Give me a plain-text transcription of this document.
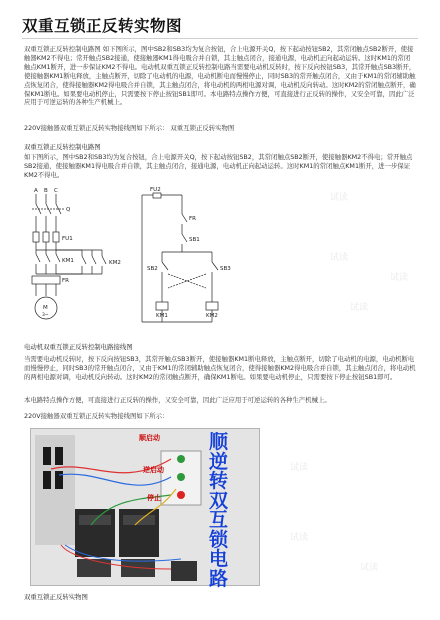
双重互锁正反转实物图

双重互锁正反转控制电路图 如下图所示，图中SB2和SB3均为复合按钮，合上电源开关Q，按下起动按钮SB2，其常闭触点SB2断开，使接触器KM2不得电；常开触点SB2接通，使接触器KM1得电吸合并自锁，其主触点闭合，接通电源，电动机正向起动运转。这时KM1的常闭触点KM1断开，进一步保证KM2不得电。电动机双重互锁正反转控制电路当需要电动机反转时，按下反向按钮SB3，其常开触点SB3断开，使接触器KM1断电释放，主触点断开，切除了电动机的电源，电动机断电而慢慢停止，同时SB3的常开触点闭合，又由于KM1的常闭辅助触点恢复闭合，使得接触器KM2得电吸合并自锁，其主触点闭合，将电动机的两相电源对调，电动机反向转动。这时KM2的常闭触点断开，确保KM1断电。如果要电动机停止，只需要按下停止按钮SB1即可。本电路特点操作方便，可直接进行正反转的操作，又安全可靠，因此广泛应用于可逆运转的各种生产机械上。

220V接触器双重互锁正反转实物接线图如下所示： 双重互锁正反转实物图

双重互锁正反转控制电路图

如下图所示，图中SB2和SB3均为复合按钮，合上电源开关Q，按下起动按钮SB2，其常闭触点SB2断开，使接触器KM2不得电；常开触点SB2接通，使接触器KM1得电吸合并自锁，其主触点闭合，接通电源，电动机正向起动运转。这时KM1的常闭触点KM1断开，进一步保证KM2不得电。

A B C
Q
FU1
KM1	KM2
FR
M
3~
FU2
FR
SB1
SB2	SB3
KM1	KM2

电动机双重互锁正反转控制电路接线图

当需要电动机反转时，按下反向按钮SB3，其常开触点SB3断开，使接触器KM1断电释放，主触点断开，切除了电动机的电源，电动机断电而慢慢停止，同时SB3的常开触点闭合，又由于KM1的常闭辅助触点恢复闭合，使得接触器KM2得电吸合并自锁，其主触点闭合，将电动机的两相电源对调，电动机反向转动。这时KM2的常闭触点断开，确保KM1断电。如果要电动机停止，只需要按下停止按钮SB1即可。

本电路特点操作方便，可直接进行正反转的操作，又安全可靠，因此广泛应用于可逆运转的各种生产机械上。

220V接触器双重互锁正反转实物接线图如下所示：

顺启动
逆启动
停止
顺逆转双互锁电路

双重互锁正反转实物图

试读
试读
试读
试读
试读
试读
试读
